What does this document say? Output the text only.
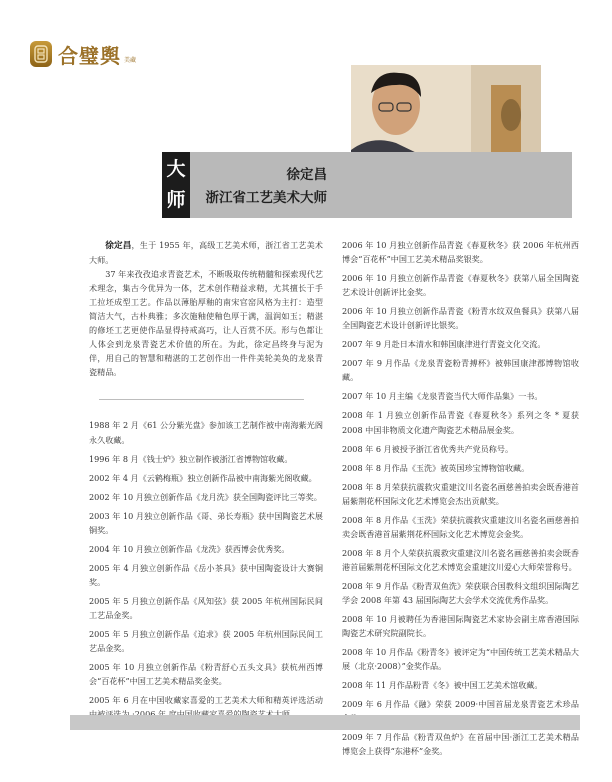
合璧舆 美藏
大
师
徐定昌
浙江省工艺美术大师

徐定昌，生于 1955 年，高级工艺美术师，浙江省工艺美术大师。

37 年来孜孜追求青瓷艺术，不断吸取传统精髓和探索现代艺术理念，集古今优异为一体，艺术创作精益求精，尤其擅长于手工拉坯成型工艺。作品以薄胎厚釉的南宋官窑风格为主打：造型简洁大气，古朴典雅；多次施釉使釉色厚于满，温润如玉；精湛的修坯工艺更使作品显得持戒高巧，让人百赏不厌。形与色都让人体会到龙泉青瓷艺术价值的所在。为此，徐定昌终身与泥为伴，用自己的智慧和精湛的工艺创作出一件件美轮美奂的龙泉青瓷精品。

1988 年 2 月《61 公分紫光盘》参加该工艺制作被中南海紫光阁永久收藏。

1996 年 8 月《钱士炉》独立制作被浙江省博物馆收藏。

2002 年 4 月《云鹤梅瓶》独立创新作品被中南海紫光阁收藏。

2002 年 10 月独立创新作品《龙月洗》获全国陶瓷评比三等奖。

2003 年 10 月独立创新作品《哥、弟长寿瓶》获中国陶瓷艺术展铜奖。

2004 年 10 月独立创新作品《龙洗》获西博会优秀奖。

2005 年 4 月独立创新作品《岳小茶具》获中国陶瓷设计大赛铜奖。

2005 年 5 月独立创新作品《风知弦》获 2005 年杭州国际民间工艺品金奖。

2005 年 5 月独立创新作品《追求》获 2005 年杭州国际民间工艺品金奖。

2005 年 10 月独立创新作品《粉青舒心五头文具》获杭州西博会“百花杯”中国工艺美术精品奖金奖。

2005 年 6 月在中国收藏家喜爱的工艺美术大师和精英评选活动

2006 年 10 月独立创新作品青瓷《春夏秋冬》获 2006 年杭州西博会“百花杯”中国工艺美术精品奖银奖。

2006 年 10 月独立创新作品青瓷《春夏秋冬》获第八届全国陶瓷艺术设计创新评比金奖。

2006 年 10 月独立创新作品青瓷《粉青水纹双鱼餐具》获第八届全国陶瓷艺术设计创新评比银奖。

2007 年 9 月赴日本清水和韩国康津进行青瓷文化交流。

2007 年 9 月作品《龙泉青瓷粉青搏杯》被韩国康津郡博物馆收藏。

2007 年 10 月主编《龙泉青瓷当代大师作品集》一书。

2008 年 1 月独立创新作品青瓷《春夏秋冬》系列之冬 * 夏获 2008 中国非物质文化遗产陶瓷艺术精品展金奖。

2008 年 6 月被授予浙江省优秀共产党员称号。

2008 年 8 月作品《玉洗》被英国珍宝博物馆收藏。

2008 年 8 月荣获抗震救灾重建汶川名瓷名画慈善拍卖会既香港首届紫荆花杯国际文化艺术博览会杰出贡献奖。

2008 年 8 月作品《玉洗》荣获抗震救灾重建汶川名瓷名画慈善拍卖会既香港首届紫荆花杯国际文化艺术博览会金奖。

2008 年 8 月个人荣获抗震救灾重建汶川名瓷名画慈善拍卖会既香港首届紫荆花杯国际文化艺术博览会重建汶川爱心大师荣誉称号。

2008 年 9 月作品《粉青双鱼洗》荣获联合国教科文组织国际陶艺学会 2008 年第 43 届国际陶艺大会学术交流优秀作品奖。

2008 年 10 月被聘任为香港国际陶瓷艺术家协会副主席香港国际陶瓷艺术研究院副院长。

2008 年 10 月作品《粉青冬》被评定为“中国传统工艺美术精品大展（北京·2008）”金奖作品。

2008 年 11 月作品粉青《冬》被中国工艺美术馆收藏。

2009 年 6 月作品《融》荣获 2009·中国首届龙泉青瓷艺术珍品

2009 年 7 月作品《粉青双鱼炉》在首届中国·浙江工艺美术精品博览会上获得“东港杯”金奖。
